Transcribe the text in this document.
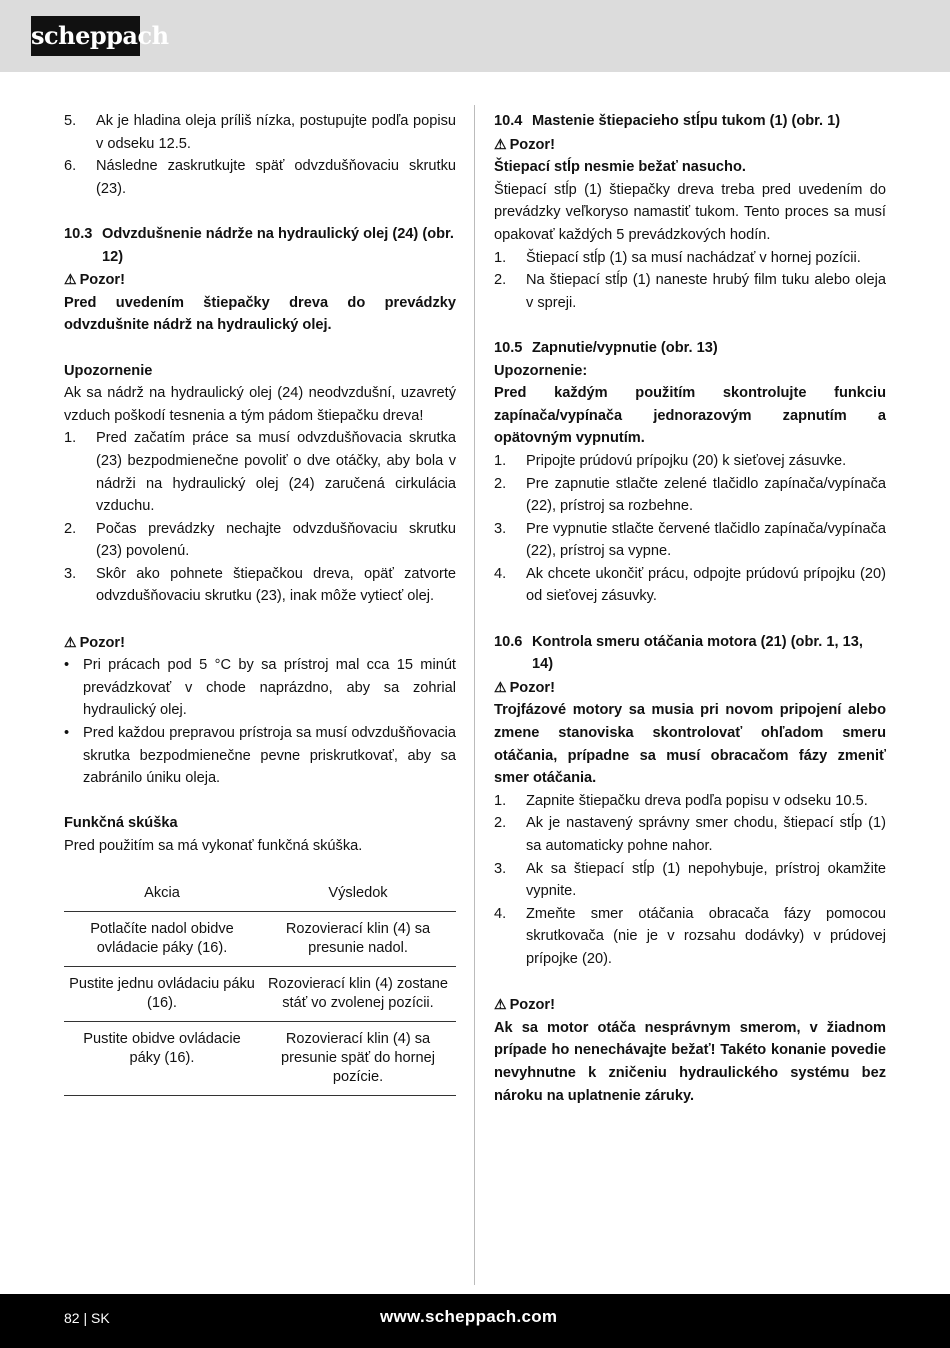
scheppach
5. Ak je hladina oleja príliš nízka, postupujte podľa popisu v odseku 12.5.
6. Následne zaskrutkujte späť odvzdušňovaciu skrutku (23).
10.3 Odvzdušnenie nádrže na hydraulický olej (24) (obr. 12)

⚠ Pozor!

Pred uvedením štiepačky dreva do prevádzky odvzdušnite nádrž na hydraulický olej.

Upozornenie

Ak sa nádrž na hydraulický olej (24) neodvzdušní, uzavretý vzduch poškodí tesnenia a tým pádom štiepačku dreva!

1. Pred začatím práce sa musí odvzdušňovacia skrutka (23) bezpodmienečne povoliť o dve otáčky, aby bola v nádrži na hydraulický olej (24) zaručená cirkulácia vzduchu.
2. Počas prevádzky nechajte odvzdušňovaciu skrutku (23) povolenú.
3. Skôr ako pohnete štiepačkou dreva, opäť zatvorte odvzdušňovaciu skrutku (23), inak môže vytiecť olej.

⚠ Pozor!

• Pri prácach pod 5 °C by sa prístroj mal cca 15 minút prevádzkovať v chode naprázdno, aby sa zohrial hydraulický olej.
• Pred každou prepravou prístroja sa musí odvzdušňovacia skrutka bezpodmienečne pevne priskrutkovať, aby sa zabránilo úniku oleja.

Funkčná skúška

Pred použitím sa má vykonať funkčná skúška.

Akcia	Výsledok
Potlačíte nadol obidve ovládacie páky (16).	Rozovierací klin (4) sa presunie nadol.
Pustite jednu ovládaciu páku (16).	Rozovierací klin (4) zostane stáť vo zvolenej pozícii.
Pustite obidve ovládacie páky (16).	Rozovierací klin (4) sa presunie späť do hornej pozície.
10.4 Mastenie štiepacieho stĺpu tukom (1) (obr. 1)

⚠ Pozor!

Štiepací stĺp nesmie bežať nasucho.

Štiepací stĺp (1) štiepačky dreva treba pred uvedením do prevádzky veľkoryso namastiť tukom. Tento proces sa musí opakovať každých 5 prevádzkových hodín.

1. Štiepací stĺp (1) sa musí nachádzať v hornej pozícii.
2. Na štiepací stĺp (1) naneste hrubý film tuku alebo oleja v spreji.
10.5 Zapnutie/vypnutie (obr. 13)

Upozornenie:

Pred každým použitím skontrolujte funkciu zapínača/vypínača jednorazovým zapnutím a opätovným vypnutím.

1. Pripojte prúdovú prípojku (20) k sieťovej zásuvke.
2. Pre zapnutie stlačte zelené tlačidlo zapínača/vypínača (22), prístroj sa rozbehne.
3. Pre vypnutie stlačte červené tlačidlo zapínača/vypínača (22), prístroj sa vypne.
4. Ak chcete ukončiť prácu, odpojte prúdovú prípojku (20) od sieťovej zásuvky.
10.6 Kontrola smeru otáčania motora (21) (obr. 1, 13, 14)

⚠ Pozor!

Trojfázové motory sa musia pri novom pripojení alebo zmene stanoviska skontrolovať ohľadom smeru otáčania, prípadne sa musí obracačom fázy zmeniť smer otáčania.

1. Zapnite štiepačku dreva podľa popisu v odseku 10.5.
2. Ak je nastavený správny smer chodu, štiepací stĺp (1) sa automaticky pohne nahor.
3. Ak sa štiepací stĺp (1) nepohybuje, prístroj okamžite vypnite.
4. Zmeňte smer otáčania obracača fázy pomocou skrutkovača (nie je v rozsahu dodávky) v prúdovej prípojke (20).

⚠ Pozor!

Ak sa motor otáča nesprávnym smerom, v žiadnom prípade ho nenechávajte bežať! Takéto konanie povedie nevyhnutne k zničeniu hydraulického systému bez nároku na uplatnenie záruky.

82 | SK	www.scheppach.com
